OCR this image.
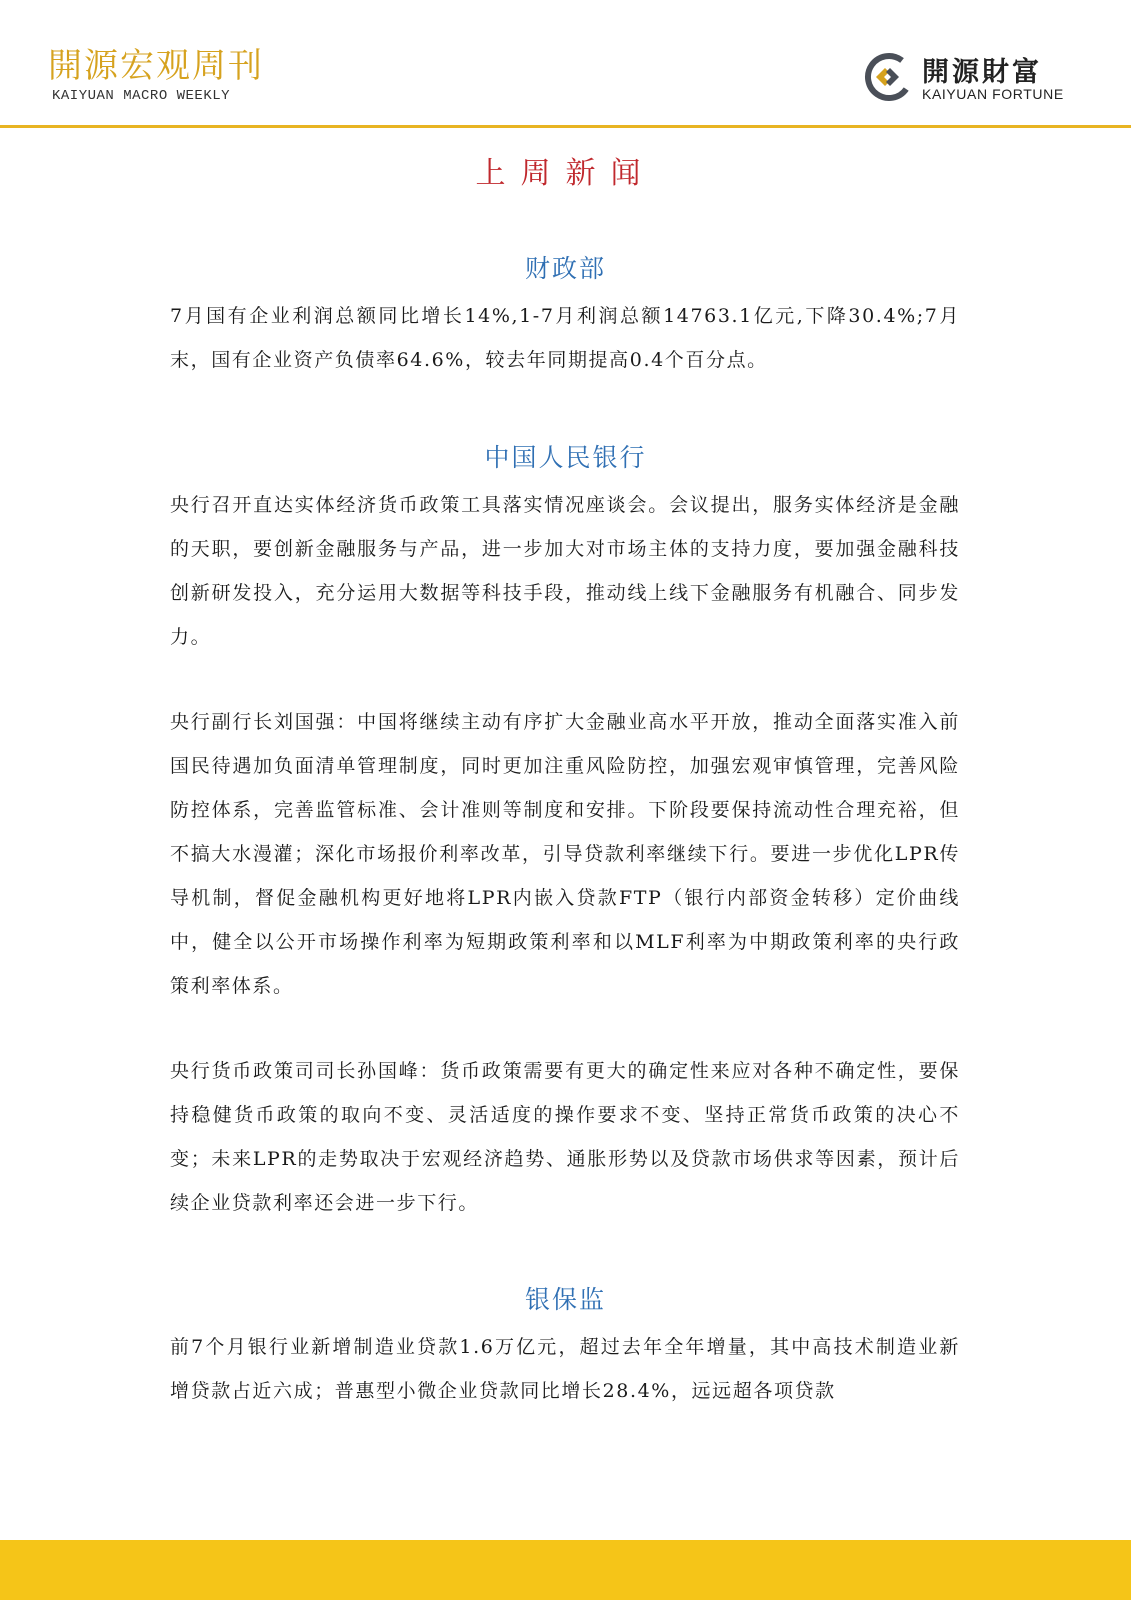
開源宏观周刊
KAIYUAN MACRO WEEKLY
開源財富
KAIYUAN FORTUNE
上周新闻
财政部
7月国有企业利润总额同比增长14%,1-7月利润总额14763.1亿元,下降30.4%;7月末，国有企业资产负债率64.6%，较去年同期提高0.4个百分点。
中国人民银行
央行召开直达实体经济货币政策工具落实情况座谈会。会议提出，服务实体经济是金融的天职，要创新金融服务与产品，进一步加大对市场主体的支持力度，要加强金融科技创新研发投入，充分运用大数据等科技手段，推动线上线下金融服务有机融合、同步发力。
央行副行长刘国强：中国将继续主动有序扩大金融业高水平开放，推动全面落实准入前国民待遇加负面清单管理制度，同时更加注重风险防控，加强宏观审慎管理，完善风险防控体系，完善监管标准、会计准则等制度和安排。下阶段要保持流动性合理充裕，但不搞大水漫灌；深化市场报价利率改革，引导贷款利率继续下行。要进一步优化LPR传导机制，督促金融机构更好地将LPR内嵌入贷款FTP（银行内部资金转移）定价曲线中，健全以公开市场操作利率为短期政策利率和以MLF利率为中期政策利率的央行政策利率体系。
央行货币政策司司长孙国峰：货币政策需要有更大的确定性来应对各种不确定性，要保持稳健货币政策的取向不变、灵活适度的操作要求不变、坚持正常货币政策的决心不变；未来LPR的走势取决于宏观经济趋势、通胀形势以及贷款市场供求等因素，预计后续企业贷款利率还会进一步下行。
银保监
前7个月银行业新增制造业贷款1.6万亿元，超过去年全年增量，其中高技术制造业新增贷款占近六成；普惠型小微企业贷款同比增长28.4%，远远超各项贷款
